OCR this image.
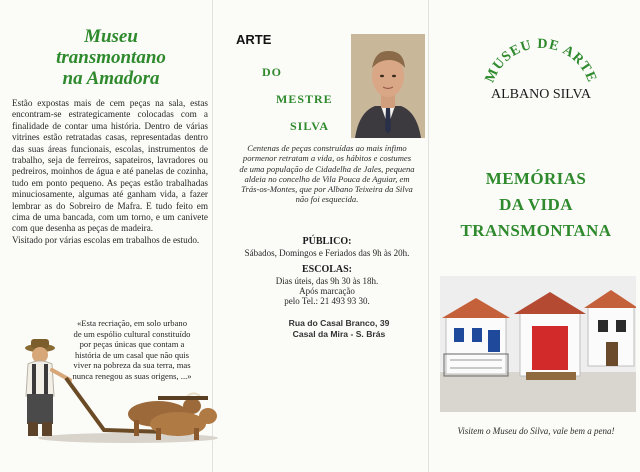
Museu
transmontano
na Amadora

Estão expostas mais de cem peças na sala, estas encontram-se estrategicamente colocadas com a finalidade de contar uma história. Dentro de várias vitrines estão retratadas casas, representadas dentro das suas áreas funcionais, escolas, instrumentos de trabalho, seja de ferreiros, sapateiros, lavradores ou pedreiros, moinhos de água e até panelas de cozinha, tudo em ponto pequeno. As peças estão trabalhadas minuciosamente, algumas até ganham vida, a fazer lembrar as do Sobreiro de Mafra. E tudo feito em cima de uma bancada, com um torno, e um canivete com que desenha as peças de madeira.

Visitado por várias escolas em trabalhos de estudo.

«Esta recriação, em solo urbano de um espólio cultural constituído por peças únicas que contam a história de um casal que não quis viver na pobreza da sua terra, mas nunca renegou as suas origens, ...»
ARTE
DO
MESTRE
SILVA
Centenas de peças construídas ao mais ínfimo pormenor retratam a vida, os hábitos e costumes de uma população de Cidadelha de Jales, pequena aldeia no concelho de Vila Pouca de Aguiar, em Trás-os-Montes, que por Albano Teixeira da Silva não foi esquecida.
PÚBLICO:
Sábados, Domingos e Feriados das 9h às 20h.
ESCOLAS:
Dias úteis, das 9h 30 às 18h.
Após marcação
pelo Tel.: 21 493 93 30.
Rua do Casal Branco, 39
Casal da Mira - S. Brás
MUSEU DE ARTE
ALBANO SILVA
MEMÓRIAS
DA VIDA
TRANSMONTANA
Visitem o Museu do Silva, vale bem a pena!
